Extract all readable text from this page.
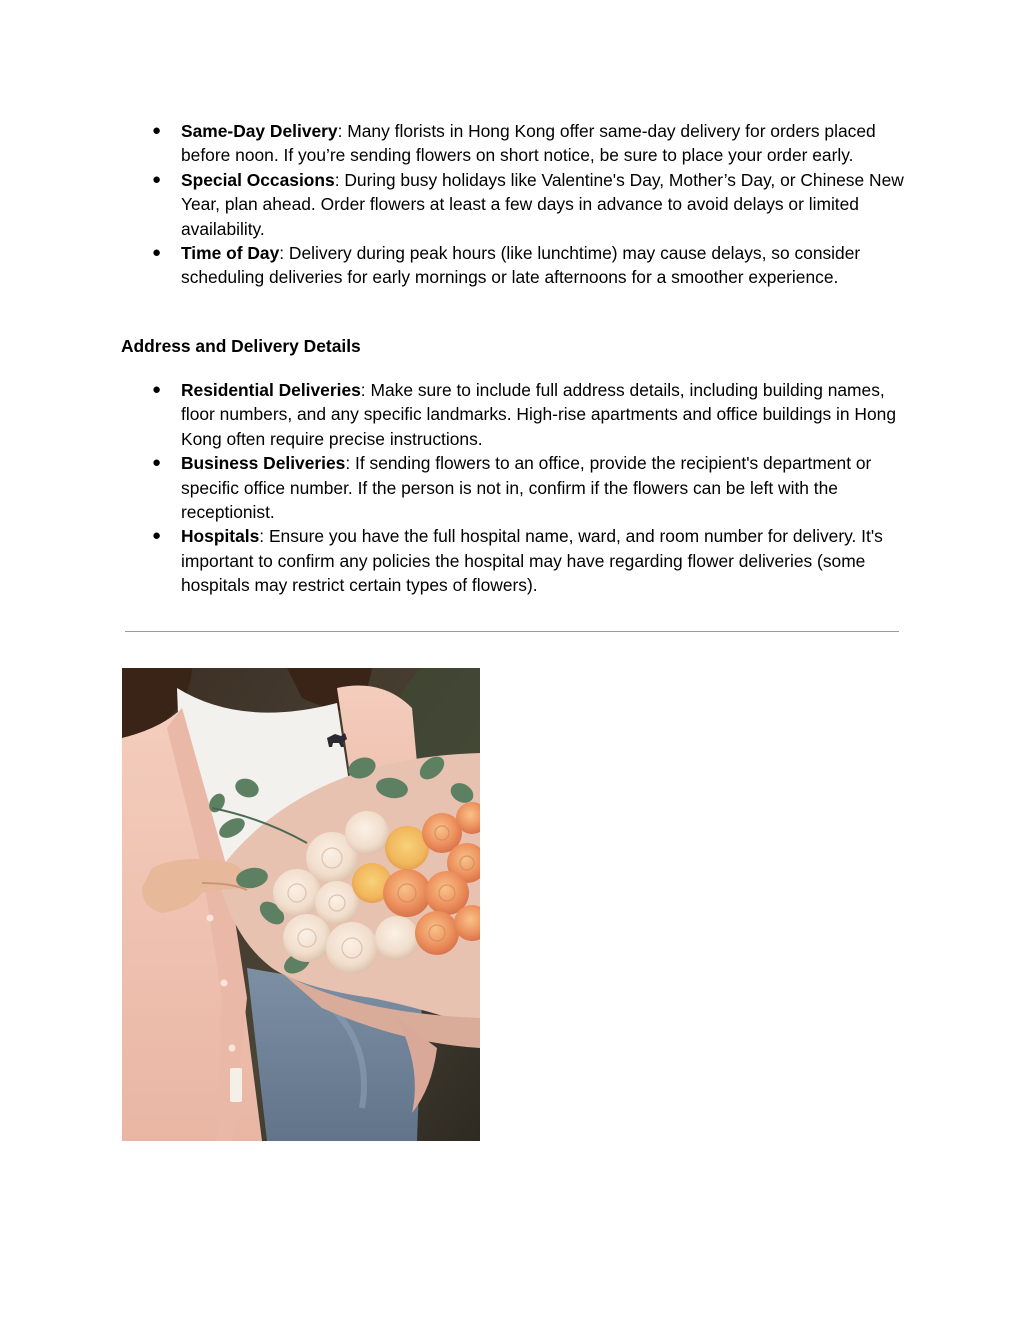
● Same-Day Delivery: Many florists in Hong Kong offer same-day delivery for orders placed before noon. If you’re sending flowers on short notice, be sure to place your order early.
● Special Occasions: During busy holidays like Valentine's Day, Mother’s Day, or Chinese New Year, plan ahead. Order flowers at least a few days in advance to avoid delays or limited availability.
● Time of Day: Delivery during peak hours (like lunchtime) may cause delays, so consider scheduling deliveries for early mornings or late afternoons for a smoother experience.
Address and Delivery Details
● Residential Deliveries: Make sure to include full address details, including building names, floor numbers, and any specific landmarks. High-rise apartments and office buildings in Hong Kong often require precise instructions.
● Business Deliveries: If sending flowers to an office, provide the recipient's department or specific office number. If the person is not in, confirm if the flowers can be left with the receptionist.
● Hospitals: Ensure you have the full hospital name, ward, and room number for delivery. It's important to confirm any policies the hospital may have regarding flower deliveries (some hospitals may restrict certain types of flowers).
